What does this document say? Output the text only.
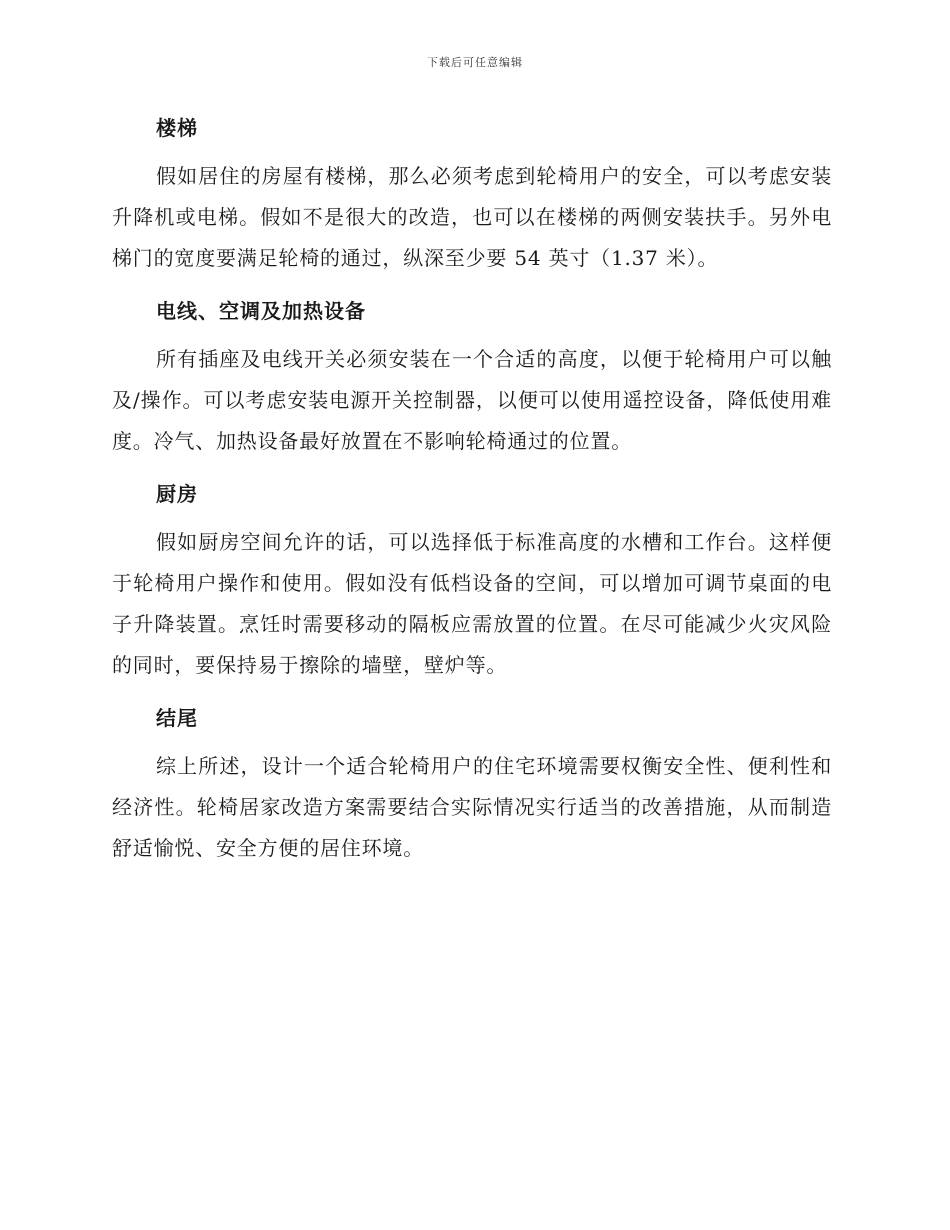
下载后可任意编辑
楼梯

假如居住的房屋有楼梯，那么必须考虑到轮椅用户的安全，可以考虑安装升降机或电梯。假如不是很大的改造，也可以在楼梯的两侧安装扶手。另外电梯门的宽度要满足轮椅的通过，纵深至少要 54 英寸（1.37 米）。

电线、空调及加热设备

所有插座及电线开关必须安装在一个合适的高度，以便于轮椅用户可以触及/操作。可以考虑安装电源开关控制器，以便可以使用遥控设备，降低使用难度。冷气、加热设备最好放置在不影响轮椅通过的位置。

厨房

假如厨房空间允许的话，可以选择低于标准高度的水槽和工作台。这样便于轮椅用户操作和使用。假如没有低档设备的空间，可以增加可调节桌面的电子升降装置。烹饪时需要移动的隔板应需放置的位置。在尽可能减少火灾风险的同时，要保持易于擦除的墙壁，壁炉等。

结尾

综上所述，设计一个适合轮椅用户的住宅环境需要权衡安全性、便利性和经济性。轮椅居家改造方案需要结合实际情况实行适当的改善措施，从而制造舒适愉悦、安全方便的居住环境。
